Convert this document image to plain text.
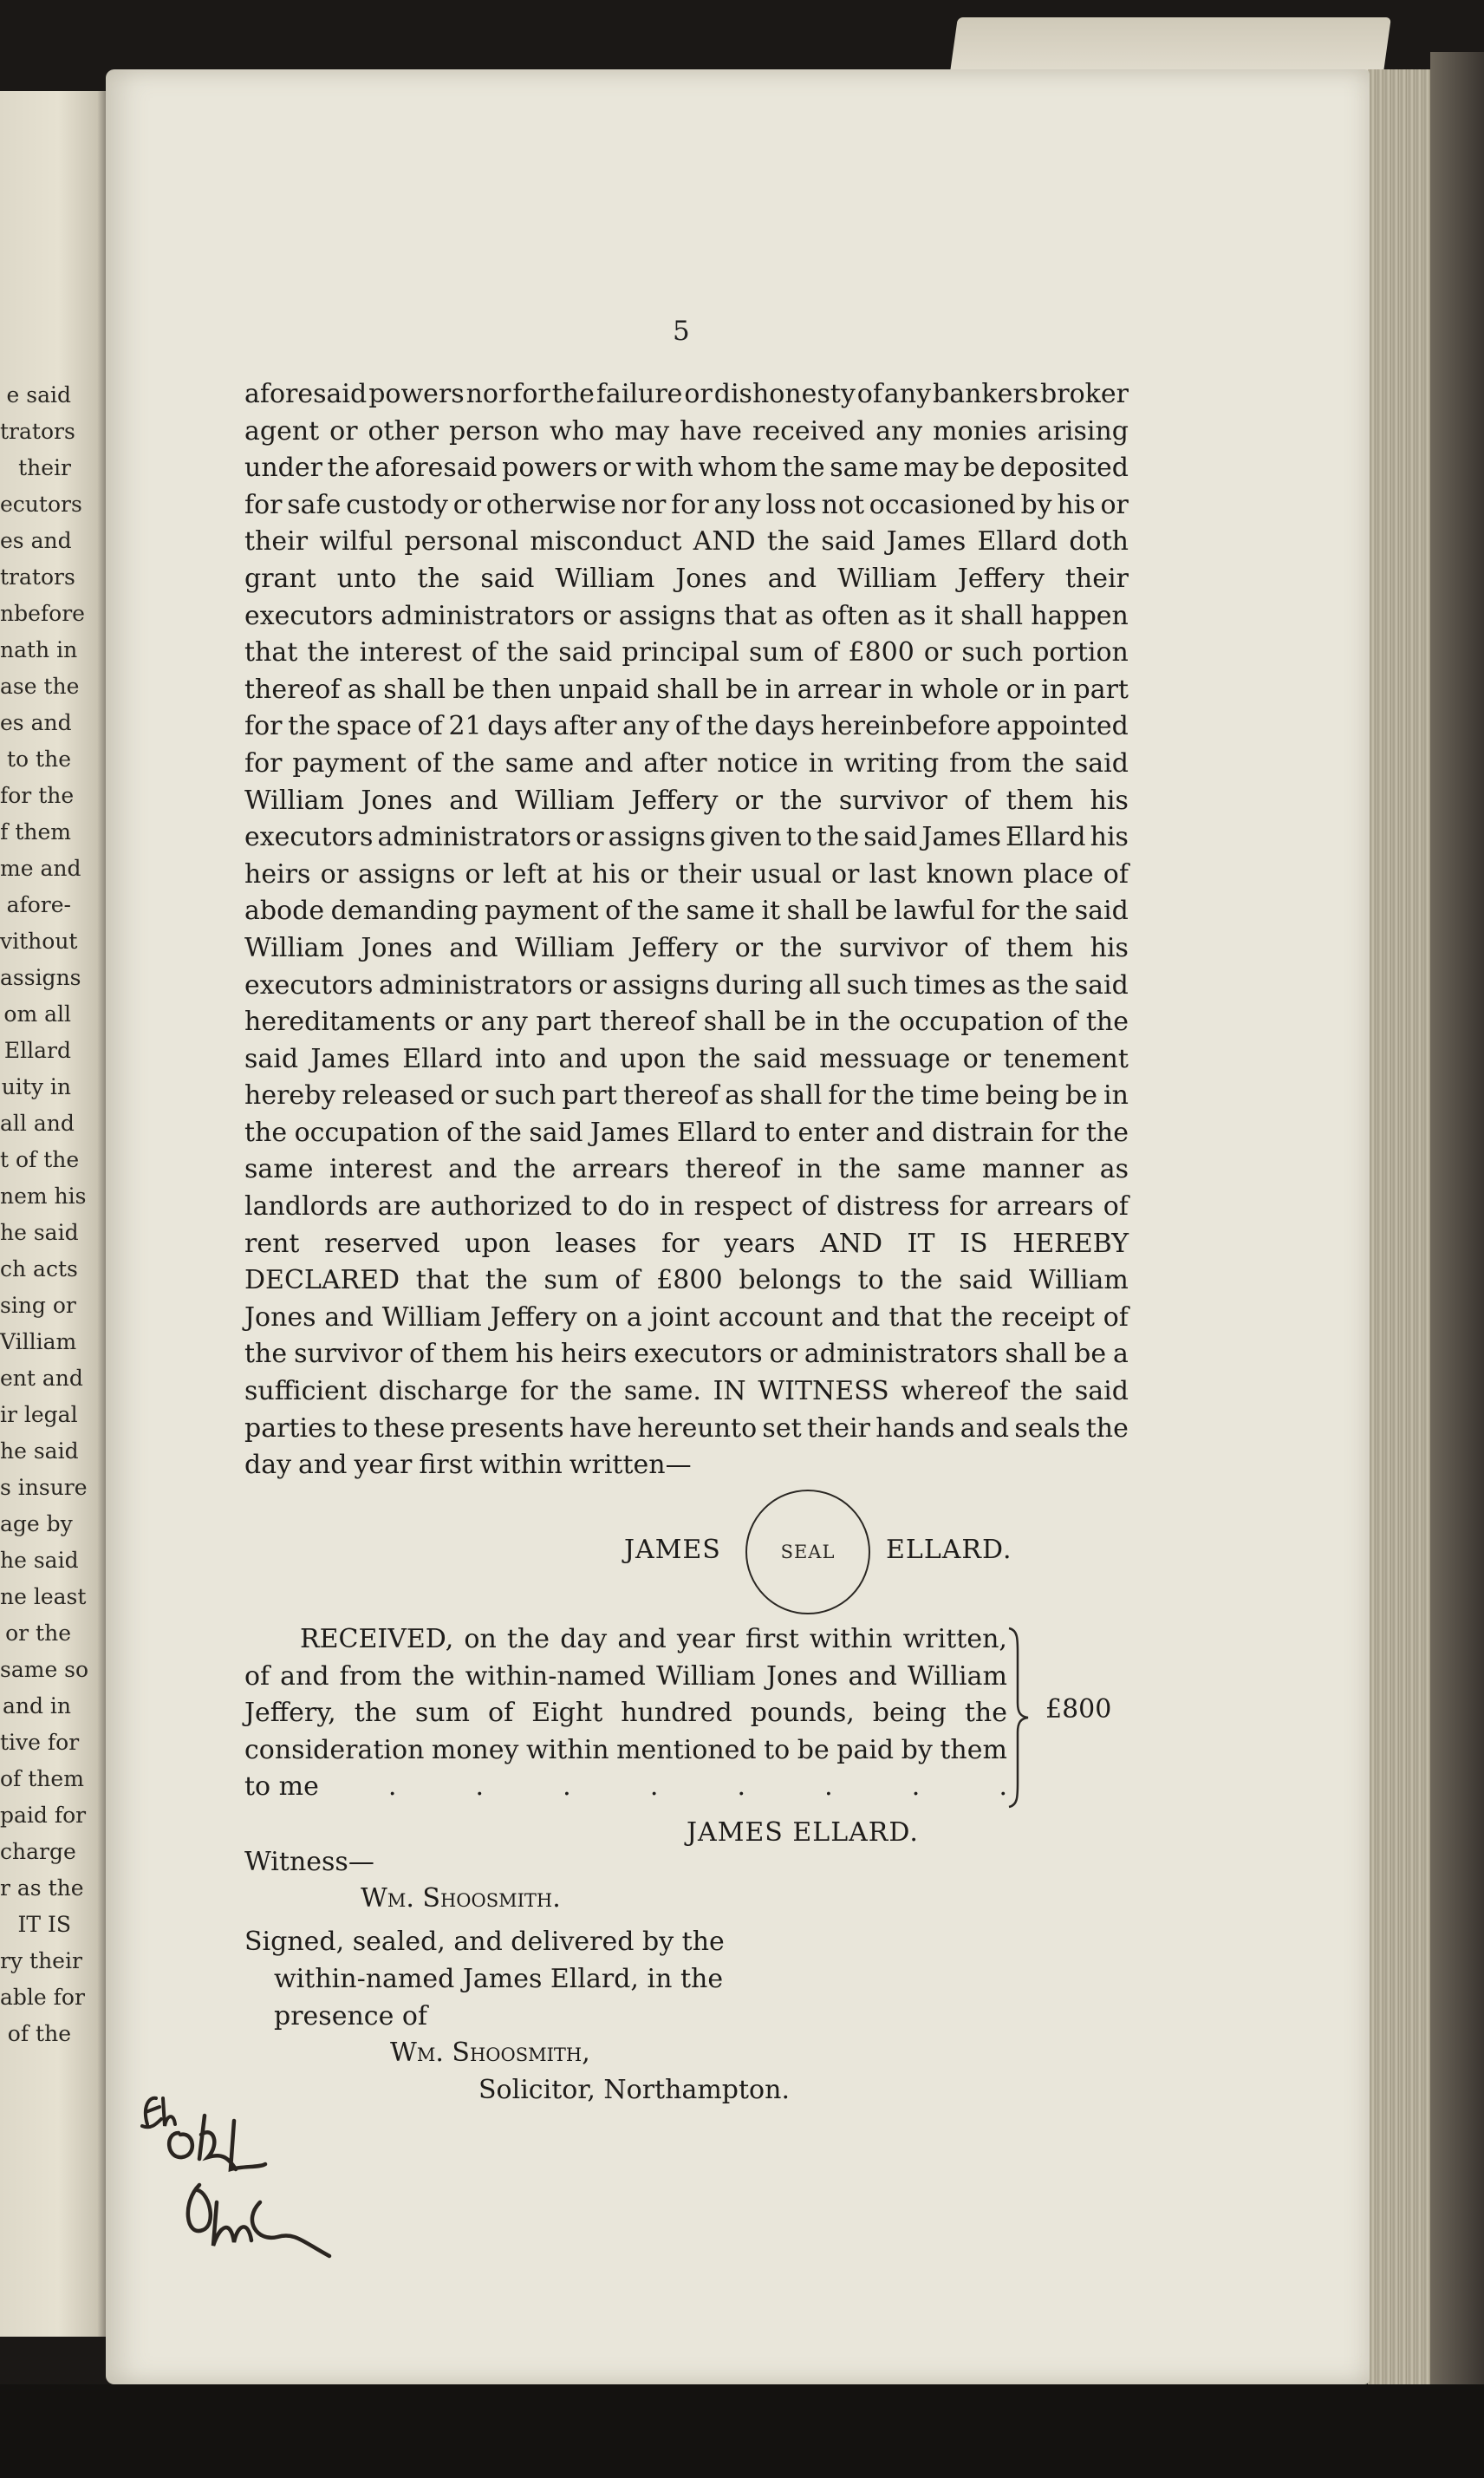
e said
trators
their
ecutors
es and
trators
nbefore
nath in
ase the
es and
to the
for the
f them
me and
afore-
vithout
assigns
om all
Ellard
uity in
all and
t of the
nem his
he said
ch acts
sing or
Villiam
ent and
ir legal
he said
s insure
age by
he said
ne least
or the
same so
and in
tive for
of them
paid for
charge
r as the
IT IS
ry their
able for
of the
5
aforesaid powers nor for the failure or dishonesty of any bankers broker
agent or other person who may have received any monies arising
under the aforesaid powers or with whom the same may be deposited
for safe custody or otherwise nor for any loss not occasioned by his or
their wilful personal misconduct AND the said James Ellard doth
grant unto the said William Jones and William Jeffery their
executors administrators or assigns that as often as it shall happen
that the interest of the said principal sum of £800 or such portion
thereof as shall be then unpaid shall be in arrear in whole or in part
for the space of 21 days after any of the days hereinbefore appointed
for payment of the same and after notice in writing from the said
William Jones and William Jeffery or the survivor of them his
executors administrators or assigns given to the said James Ellard his
heirs or assigns or left at his or their usual or last known place of
abode demanding payment of the same it shall be lawful for the said
William Jones and William Jeffery or the survivor of them his
executors administrators or assigns during all such times as the said
hereditaments or any part thereof shall be in the occupation of the
said James Ellard into and upon the said messuage or tenement
hereby released or such part thereof as shall for the time being be in
the occupation of the said James Ellard to enter and distrain for the
same interest and the arrears thereof in the same manner as
landlords are authorized to do in respect of distress for arrears of
rent reserved upon leases for years AND IT IS HEREBY
DECLARED that the sum of £800 belongs to the said William
Jones and William Jeffery on a joint account and that the receipt of
the survivor of them his heirs executors or administrators shall be a
sufficient discharge for the same. IN WITNESS whereof the said
parties to these presents have hereunto set their hands and seals the
day and year first within written—
JAMES	SEAL ELLARD.
RECEIVED, on the day and year first within written,
of and from the within-named William Jones and William
Jeffery, the sum of Eight hundred pounds, being the
consideration money within mentioned to be paid by them
to me	.	.	.	.	.	.	.	.
£800
JAMES ELLARD.
Witness—
Wm. Shoosmith.
Signed, sealed, and delivered by the
within-named James Ellard, in the
presence of
Wm. Shoosmith,
Solicitor, Northampton.
